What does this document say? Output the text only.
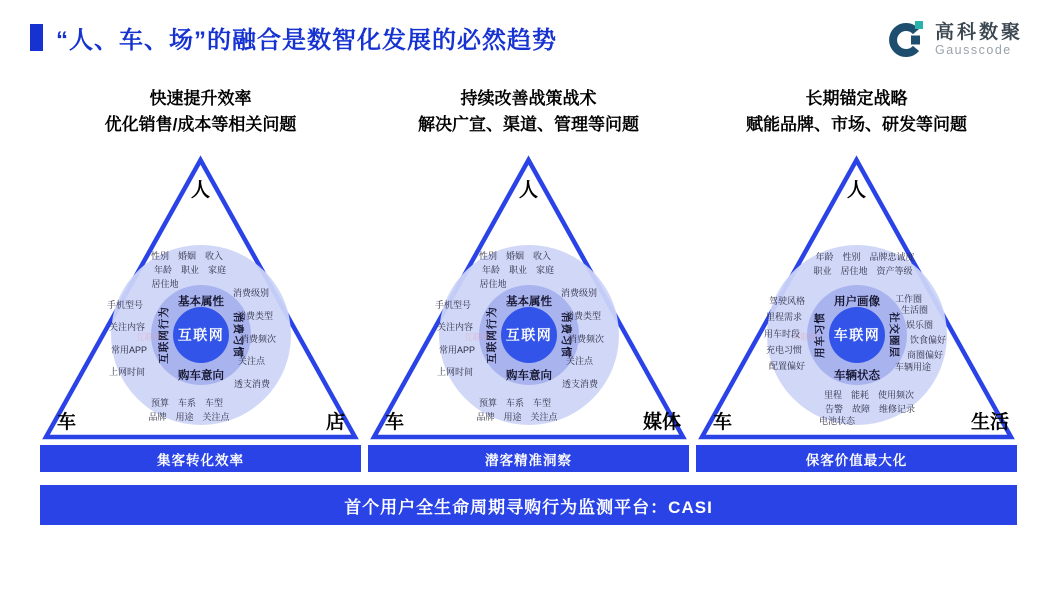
“人、车、场”的融合是数智化发展的必然趋势	高科数聚
Gausscode
快速提升效率
优化销售/成本等相关问题
人
车	店
互联网
基本属性
购车意向
互联网行为	消费习惯
互联网
性别  婚姻  收入
年龄  职业  家庭
居住地
手机型号
关注内容
常用APP
上网时间
消费级别
消费类型
消费频次
关注点
透支消费
预算  车系  车型
品牌  用途  关注点
集客转化效率
持续改善战策战术
解决广宣、渠道、管理等问题
人
车	媒体
互联网
基本属性
购车意向
互联网行为	消费习惯
互联网
性别  婚姻  收入
年龄  职业  家庭
居住地
手机型号
关注内容
常用APP
上网时间
消费级别
消费类型
消费频次
关注点
透支消费
预算  车系  车型
品牌  用途  关注点
潜客精准洞察
长期锚定战略
赋能品牌、市场、研发等问题
人
车	生活
车联网
用户画像
车辆状态
用车习惯	社交圈层
车联网
年龄  性别  品牌忠诚度
职业  居住地  资产等级
驾驶风格
里程需求
用车时段
充电习惯
配置偏好
工作圈
生活圈
娱乐圈
饮食偏好
商圈偏好
车辆用途
里程  能耗  使用频次
告警  故障  维修记录
电池状态
保客价值最大化
首个用户全生命周期寻购行为监测平台：CASI
